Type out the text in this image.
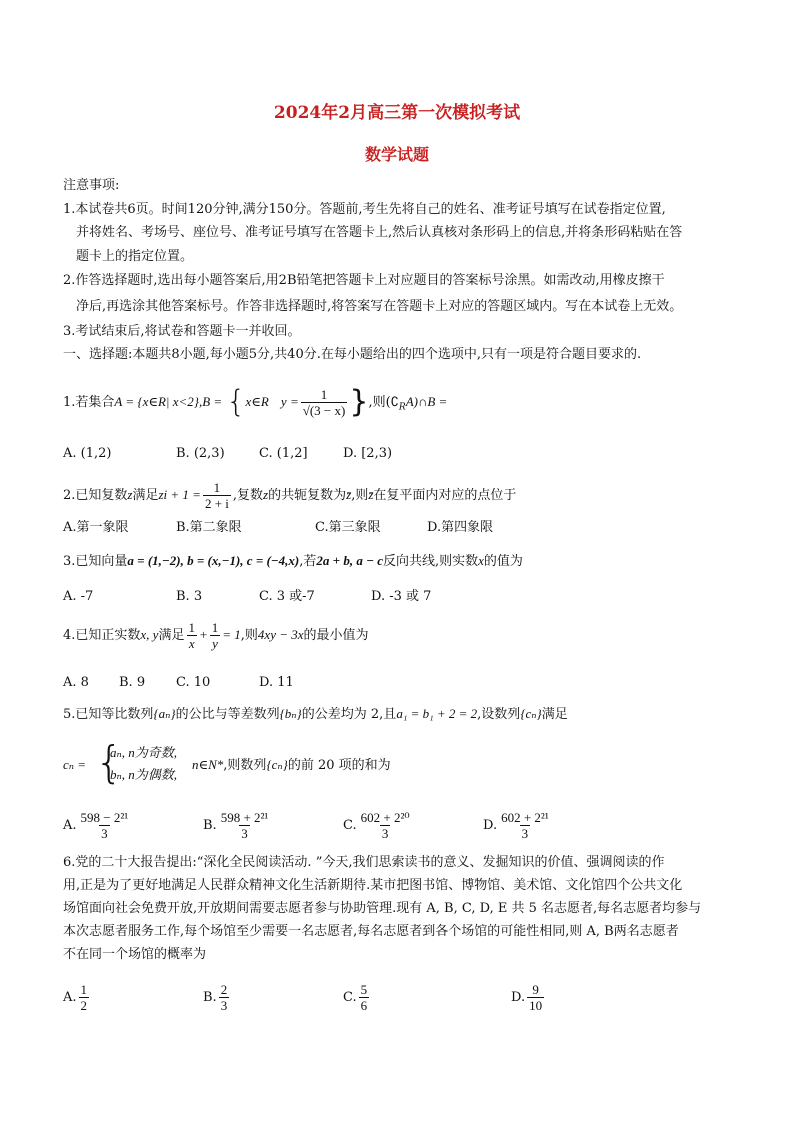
2024年2月高三第一次模拟考试
数学试题
注意事项:
1.本试卷共6页。时间120分钟,满分150分。答题前,考生先将自己的姓名、准考证号填写在试卷指定位置,
并将姓名、考场号、座位号、准考证号填写在答题卡上,然后认真核对条形码上的信息,并将条形码粘贴在答
题卡上的指定位置。
2.作答选择题时,选出每小题答案后,用2B铅笔把答题卡上对应题目的答案标号涂黑。如需改动,用橡皮擦干
净后,再选涂其他答案标号。作答非选择题时,将答案写在答题卡上对应的答题区域内。写在本试卷上无效。
3.考试结束后,将试卷和答题卡一并收回。
一、选择题:本题共8小题,每小题5分,共40分.在每小题给出的四个选项中,只有一项是符合题目要求的.
1.若集合A = {x∈R| x<2},B = {x∈R $y = \frac{1}{√(3 - x)}$ },则$(∁_RA)\cap B$ =
A. (1,2)	B. (2,3)	C. (1,2]	D. [2,3)
2.已知复数z满足zi + $1 = \frac{1}{2 + i}$ ,复数z的共轭复数为z̄,则z̄在复平面内对应的点位于
A.第一象限	B.第二象限	C.第三象限	D.第四象限
3.已知向量a = (1,−2), b = (x,−1), c = (−4,x),若2a + b, a − c反向共线,则实数x的值为
A. -7	B. 3	C. 3 或-7	D. -3 或 7
4.已知正实数x, y满足 $\frac{1}{x} + \frac{1}{y} = 1$,则4xy − 3x的最小值为
A. 8 B. 9 C. 10	D. 11
5.已知等比数列{aₙ}的公比与等差数列{bₙ}的公差均为 2,且a₁ = b₁ + 2 = 2,设数列{cₙ}满足
cₙ = {
aₙ, n为奇数,
bₙ, n为偶数,
n∈N*,则数列{cₙ}的前 20 项的和为
A. $\frac{\text{598 − 2²¹}}{3}$	B. $\frac{\text{598 + 2²¹}}{3}$	C. $\frac{\text{602 + 2²⁰}}{3}$	D. $\frac{\text{602 + 2²¹}}{3}$
6.党的二十大报告提出:“深化全民阅读活动. ”今天,我们思索读书的意义、发掘知识的价值、强调阅读的作
用,正是为了更好地满足人民群众精神文化生活新期待.某市把图书馆、博物馆、美术馆、文化馆四个公共文化
场馆面向社会免费开放,开放期间需要志愿者参与协助管理.现有 A, B, C, D, E 共 5 名志愿者,每名志愿者均参与
本次志愿者服务工作,每个场馆至少需要一名志愿者,每名志愿者到各个场馆的可能性相同,则 A, B两名志愿者
不在同一个场馆的概率为
A. $\frac{1}{2}$	B. $\frac{2}{3}$	C. $\frac{5}{6}$	D. $\frac{9}{10}$
